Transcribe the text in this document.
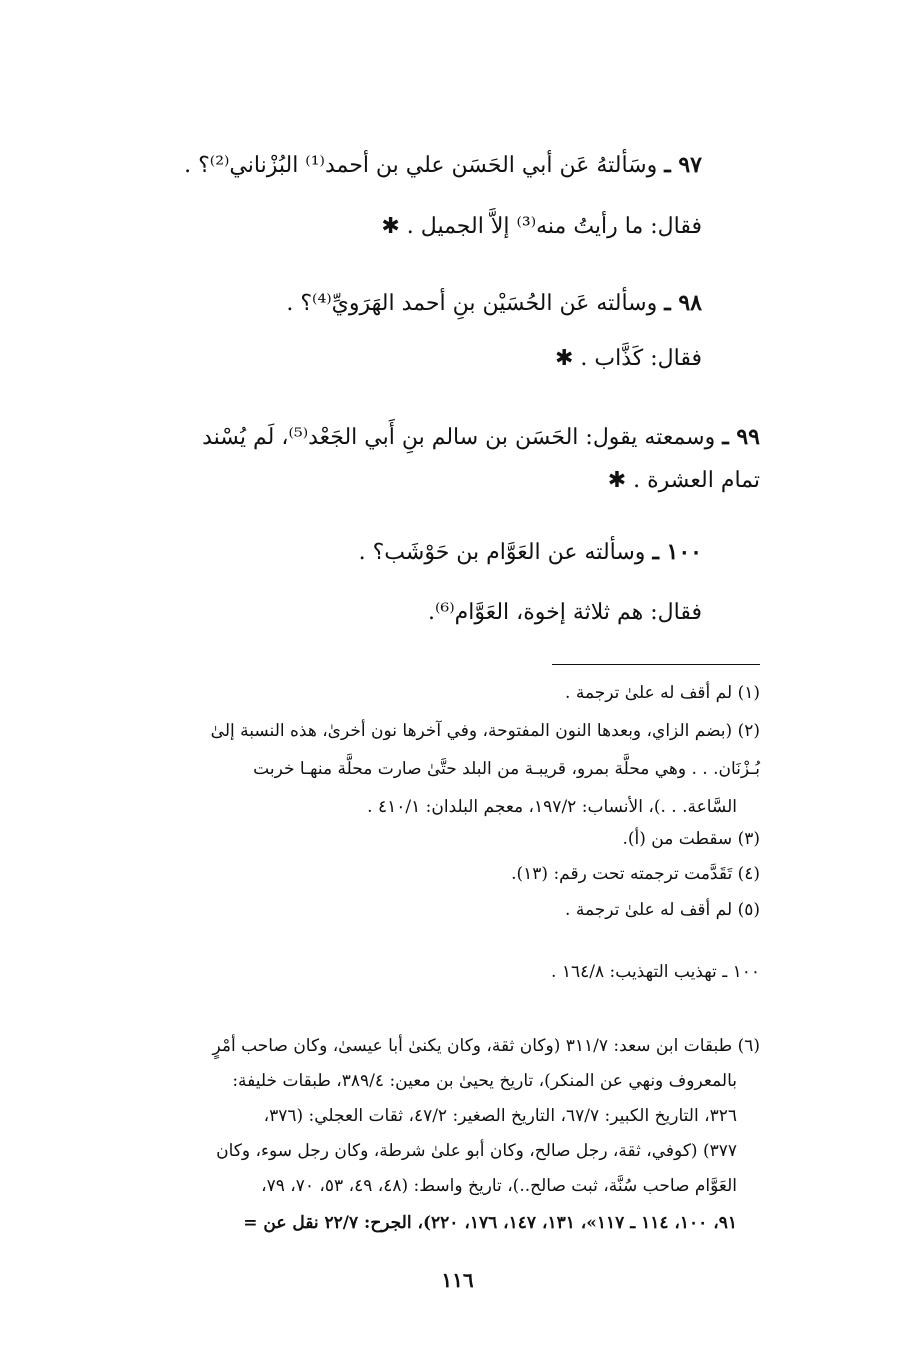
٩٧ ـ وسَألتهُ عَن أبي الحَسَن علي بن أحمد⁽¹⁾ البُزْناني⁽²⁾؟ .
فقال: ما رأيتُ منه⁽³⁾ إلاَّ الجميل . ✱
٩٨ ـ وسألته عَن الحُسَيْن بنِ أحمد الهَرَويِّ⁽⁴⁾؟ .
فقال: كَذَّاب . ✱
٩٩ ـ وسمعته يقول: الحَسَن بن سالم بنِ أَبي الجَعْد⁽⁵⁾، لَم يُسْند
تمام العشرة . ✱
١٠٠ ـ وسألته عن العَوَّام بن حَوْشَب؟ .
فقال: هم ثلاثة إخوة، العَوَّام⁽⁶⁾.
(١) لم أقف له علىٰ ترجمة .
(٢) (بضم الزاي، وبعدها النون المفتوحة، وفي آخرها نون أخرىٰ، هذه النسبة إلىٰ
بُـزْنَان. . . وهي محلَّة بمرو، قريبـة من البلد حتَّىٰ صارت محلَّة منهـا خربت
السَّاعة. . .)، الأنساب: ١٩٧/٢، معجم البلدان: ٤١٠/١ .
(٣) سقطت من (أ).
(٤) تَقَدَّمت ترجمته تحت رقم: (١٣).
(٥) لم أقف له علىٰ ترجمة .
١٠٠ ـ تهذيب التهذيب: ١٦٤/٨ .
(٦) طبقات ابن سعد: ٣١١/٧ (وكان ثقة، وكان يكنىٰ أبا عيسىٰ، وكان صاحب أمْرٍ
بالمعروف ونهي عن المنكر)، تاريخ يحيىٰ بن معين: ٣٨٩/٤، طبقات خليفة:
٣٢٦، التاريخ الكبير: ٦٧/٧، التاريخ الصغير: ٤٧/٢، ثقات العجلي: (٣٧٦،
٣٧٧) (كوفي، ثقة، رجل صالح، وكان أبو علىٰ شرطة، وكان رجل سوء، وكان
العَوَّام صاحب سُنَّة، ثبت صالح..)، تاريخ واسط: (٤٨، ٤٩، ٥٣، ٧٠، ٧٩،
٩١، ١٠٠، ١١٤ ـ ١١٧»، ١٣١، ١٤٧، ١٧٦، ٢٢٠)، الجرح: ٢٢/٧ نقل عن =
١١٦
